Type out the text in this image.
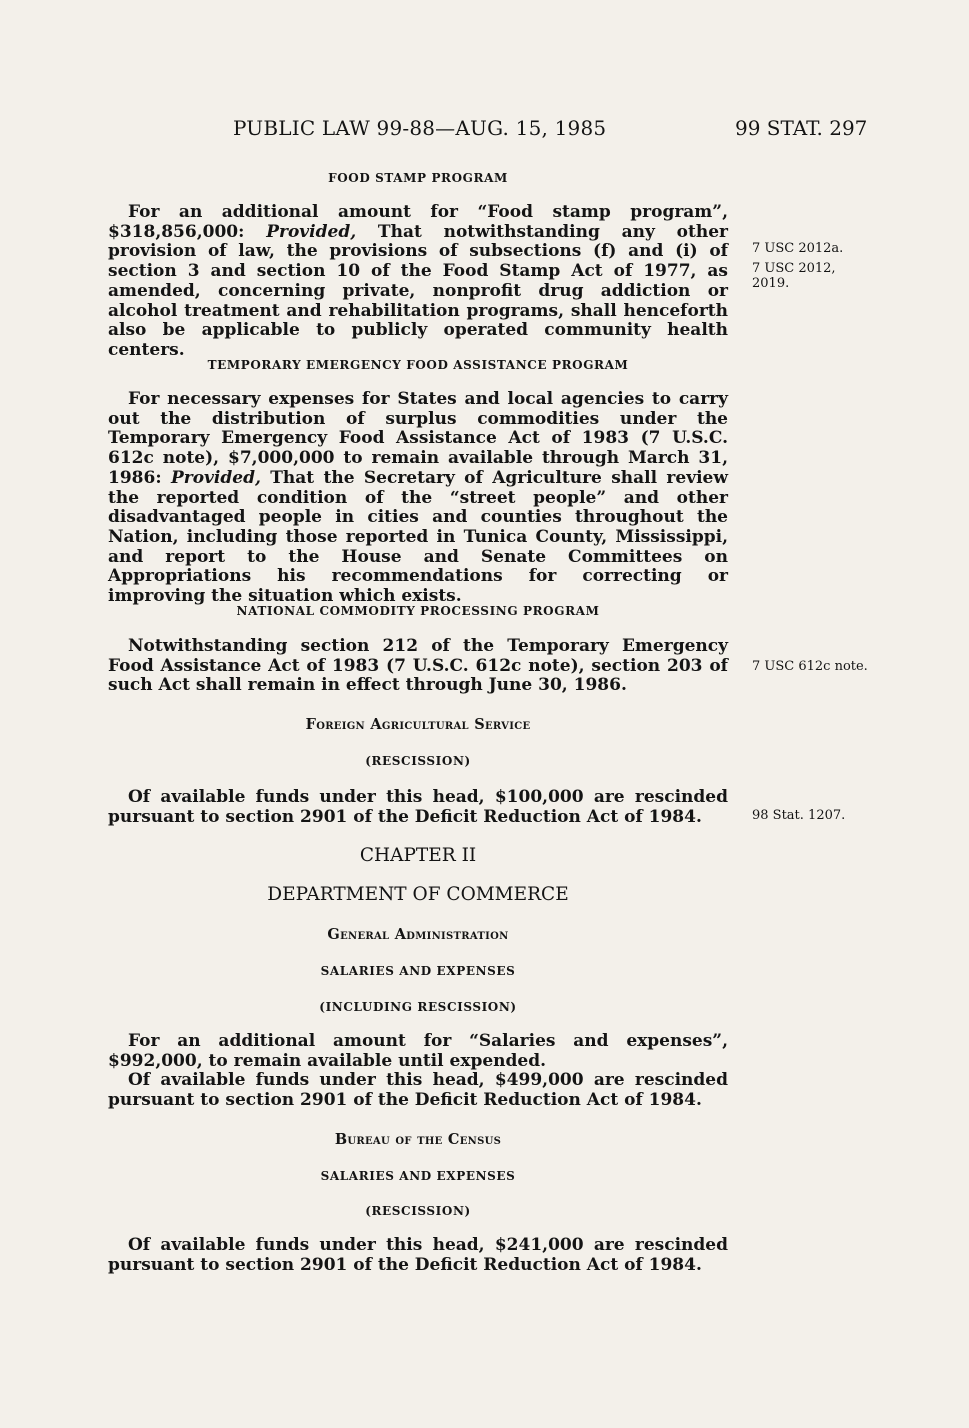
PUBLIC LAW 99-88—AUG. 15, 1985	99 STAT. 297
FOOD STAMP PROGRAM

For an additional amount for “Food stamp program”, $318,856,000: Provided, That notwithstanding any other provision of law, the provisions of subsections (f) and (i) of section 3 and section 10 of the Food Stamp Act of 1977, as amended, concerning private, nonprofit drug addiction or alcohol treatment and rehabilitation programs, shall henceforth also be applicable to publicly operated community health centers.

7 USC 2012a.
7 USC 2012, 2019.
TEMPORARY EMERGENCY FOOD ASSISTANCE PROGRAM

For necessary expenses for States and local agencies to carry out the distribution of surplus commodities under the Temporary Emergency Food Assistance Act of 1983 (7 U.S.C. 612c note), $7,000,000 to remain available through March 31, 1986: Provided, That the Secretary of Agriculture shall review the reported condition of the “street people” and other disadvantaged people in cities and counties throughout the Nation, including those reported in Tunica County, Mississippi, and report to the House and Senate Committees on Appropriations his recommendations for correcting or improving the situation which exists.

NATIONAL COMMODITY PROCESSING PROGRAM

Notwithstanding section 212 of the Temporary Emergency Food Assistance Act of 1983 (7 U.S.C. 612c note), section 203 of such Act shall remain in effect through June 30, 1986.

7 USC 612c note.
Foreign Agricultural Service
(RESCISSION)

Of available funds under this head, $100,000 are rescinded pursuant to section 2901 of the Deficit Reduction Act of 1984.	98 Stat. 1207.
CHAPTER II
DEPARTMENT OF COMMERCE
General Administration
SALARIES AND EXPENSES
(INCLUDING RESCISSION)

For an additional amount for “Salaries and expenses”, $992,000, to remain available until expended.

Of available funds under this head, $499,000 are rescinded pursuant to section 2901 of the Deficit Reduction Act of 1984.

Bureau of the Census
SALARIES AND EXPENSES
(RESCISSION)

Of available funds under this head, $241,000 are rescinded pursuant to section 2901 of the Deficit Reduction Act of 1984.
